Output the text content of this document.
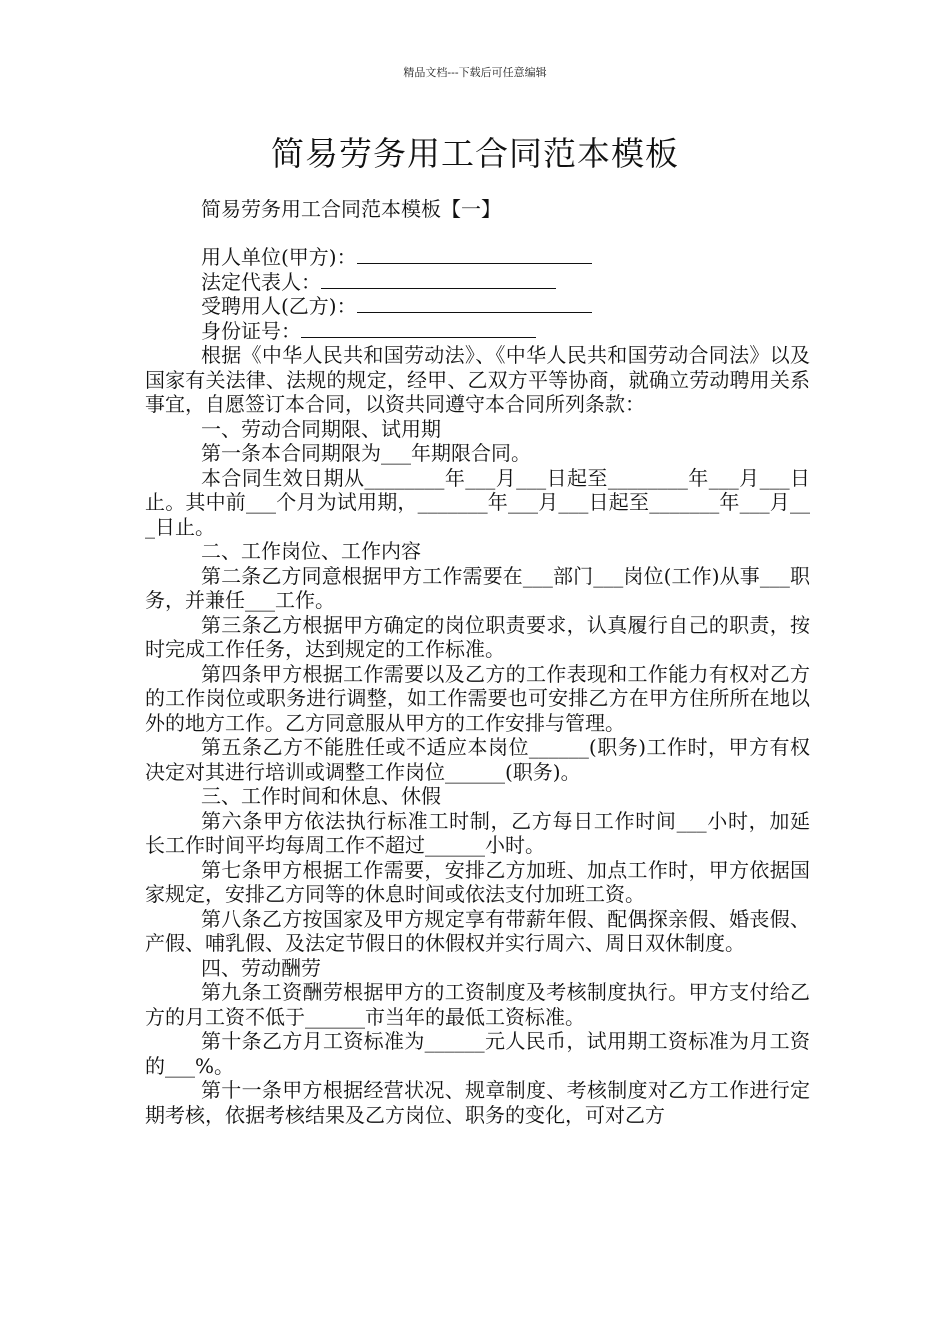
精品文档---下载后可任意编辑
简易劳务用工合同范本模板

简易劳务用工合同范本模板【一】

用人单位(甲方)：
法定代表人：
受聘用人(乙方)：
身份证号：

根据《中华人民共和国劳动法》、《中华人民共和国劳动合同法》以及国家有关法律、法规的规定，经甲、乙双方平等协商，就确立劳动聘用关系事宜，自愿签订本合同，以资共同遵守本合同所列条款：

一、劳动合同期限、试用期

第一条本合同期限为___年期限合同。

本合同生效日期从________年___月___日起至________年___月___日止。其中前___个月为试用期，_______年___月___日起至_______年___月___日止。

二、工作岗位、工作内容

第二条乙方同意根据甲方工作需要在___部门___岗位(工作)从事___职务，并兼任___工作。

第三条乙方根据甲方确定的岗位职责要求，认真履行自己的职责，按时完成工作任务，达到规定的工作标准。

第四条甲方根据工作需要以及乙方的工作表现和工作能力有权对乙方的工作岗位或职务进行调整，如工作需要也可安排乙方在甲方住所所在地以外的地方工作。乙方同意服从甲方的工作安排与管理。

第五条乙方不能胜任或不适应本岗位______(职务)工作时，甲方有权决定对其进行培训或调整工作岗位______(职务)。

三、工作时间和休息、休假

第六条甲方依法执行标准工时制，乙方每日工作时间___小时，加延长工作时间平均每周工作不超过______小时。

第七条甲方根据工作需要，安排乙方加班、加点工作时，甲方依据国家规定，安排乙方同等的休息时间或依法支付加班工资。

第八条乙方按国家及甲方规定享有带薪年假、配偶探亲假、婚丧假、产假、哺乳假、及法定节假日的休假权并实行周六、周日双休制度。

四、劳动酬劳

第九条工资酬劳根据甲方的工资制度及考核制度执行。甲方支付给乙方的月工资不低于______市当年的最低工资标准。

第十条乙方月工资标准为______元人民币，试用期工资标准为月工资的___%。

第十一条甲方根据经营状况、规章制度、考核制度对乙方工作进行定期考核，依据考核结果及乙方岗位、职务的变化，可对乙方
